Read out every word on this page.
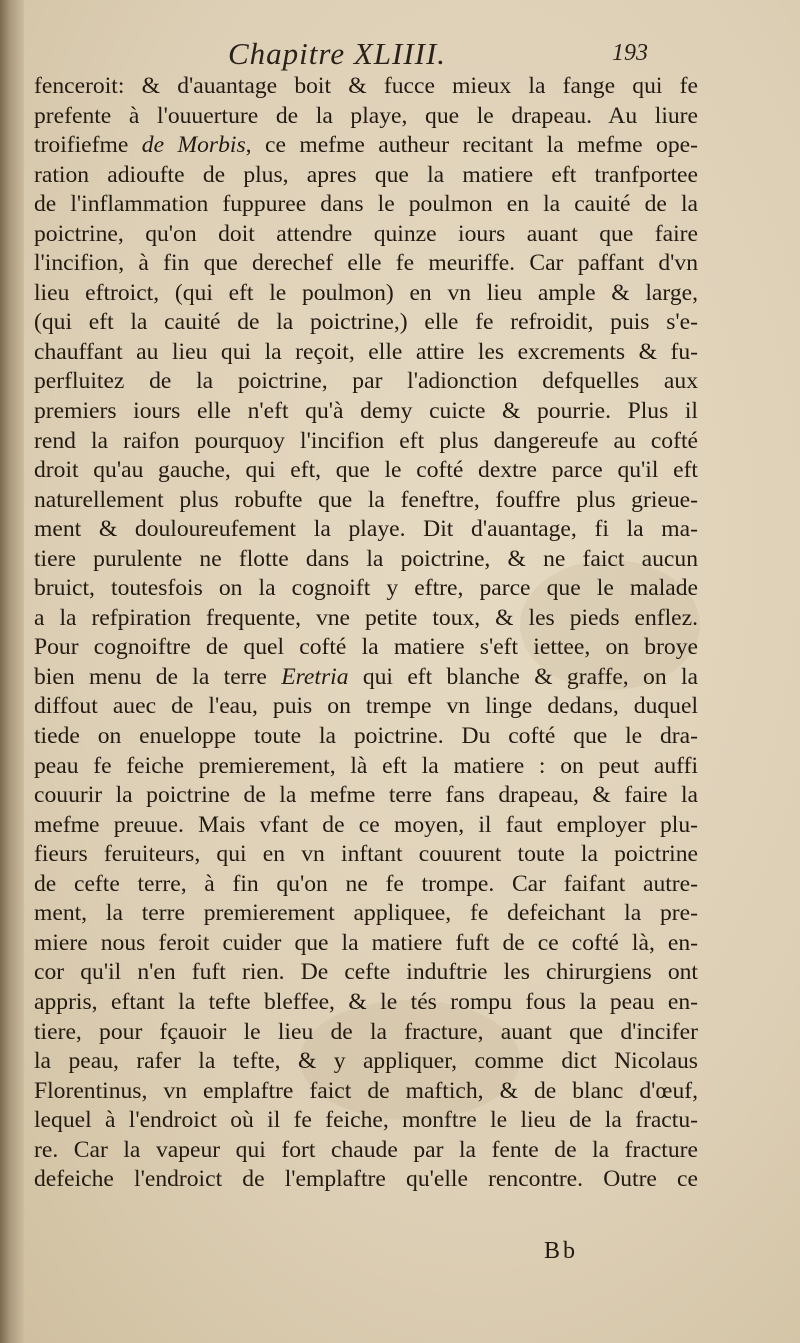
Chapitre XLIIII.	193
fenceroit: & d'auantage boit & fucce mieux la fange qui fe
prefente à l'ouuerture de la playe, que le drapeau. Au liure
troifiefme de Morbis, ce mefme autheur recitant la mefme ope-
ration adioufte de plus, apres que la matiere eft tranfportee
de l'inflammation fuppuree dans le poulmon en la cauité de la
poictrine, qu'on doit attendre quinze iours auant que faire
l'incifion, à fin que derechef elle fe meuriffe. Car paffant d'vn
lieu eftroict, (qui eft le poulmon) en vn lieu ample & large,
(qui eft la cauité de la poictrine,) elle fe refroidit, puis s'e-
chauffant au lieu qui la reçoit, elle attire les excrements & fu-
perfluitez de la poictrine, par l'adionction defquelles aux
premiers iours elle n'eft qu'à demy cuicte & pourrie. Plus il
rend la raifon pourquoy l'incifion eft plus dangereufe au cofté
droit qu'au gauche, qui eft, que le cofté dextre parce qu'il eft
naturellement plus robufte que la feneftre, fouffre plus grieue-
ment & douloureufement la playe. Dit d'auantage, fi la ma-
tiere purulente ne flotte dans la poictrine, & ne faict aucun
bruict, toutesfois on la cognoift y eftre, parce que le malade
a la refpiration frequente, vne petite toux, & les pieds enflez.
Pour cognoiftre de quel cofté la matiere s'eft iettee, on broye
bien menu de la terre Eretria qui eft blanche & graffe, on la
diffout auec de l'eau, puis on trempe vn linge dedans, duquel
tiede on enueloppe toute la poictrine. Du cofté que le dra-
peau fe feiche premierement, là eft la matiere : on peut auffi
couurir la poictrine de la mefme terre fans drapeau, & faire la
mefme preuue. Mais vfant de ce moyen, il faut employer plu-
fieurs feruiteurs, qui en vn inftant couurent toute la poictrine
de cefte terre, à fin qu'on ne fe trompe. Car faifant autre-
ment, la terre premierement appliquee, fe defeichant la pre-
miere nous feroit cuider que la matiere fuft de ce cofté là, en-
cor qu'il n'en fuft rien. De cefte induftrie les chirurgiens ont
appris, eftant la tefte bleffee, & le tés rompu fous la peau en-
tiere, pour fçauoir le lieu de la fracture, auant que d'incifer
la peau, rafer la tefte, & y appliquer, comme dict Nicolaus
Florentinus, vn emplaftre faict de maftich, & de blanc d'œuf,
lequel à l'endroict où il fe feiche, monftre le lieu de la fractu-
re. Car la vapeur qui fort chaude par la fente de la fracture
defeiche l'endroict de l'emplaftre qu'elle rencontre. Outre ce
Bb
